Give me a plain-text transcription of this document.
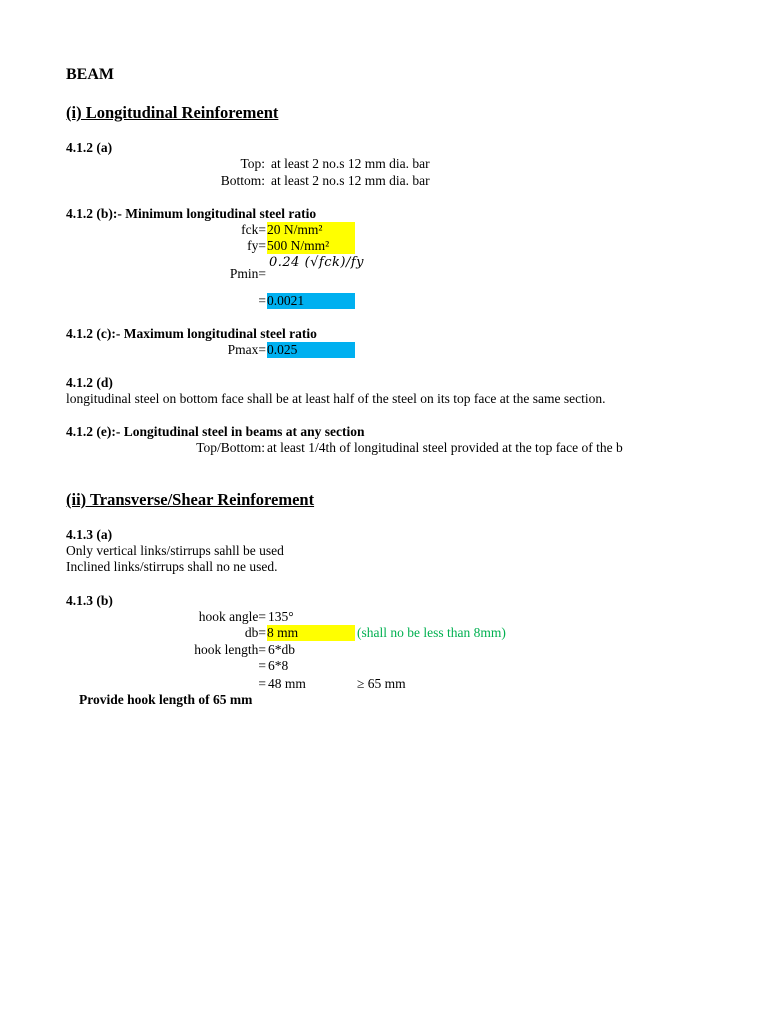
BEAM
(i) Longitudinal Reinforement
4.1.2 (a)
Top: at least 2 no.s 12 mm dia. bar
Bottom: at least 2 no.s 12 mm dia. bar
4.1.2 (b):- Minimum longitudinal steel ratio
fck= 20 N/mm²
fy= 500 N/mm²
0.24 (√fck)/fy
Pmin=
= 0.0021
4.1.2 (c):- Maximum longitudinal steel ratio
Pmax= 0.025
4.1.2 (d)
longitudinal steel on bottom face shall be at least half of the steel on its top face at the same section.
4.1.2 (e):- Longitudinal steel in beams at any section
Top/Bottom: at least 1/4th of longitudinal steel provided at the top face of the b
(ii) Transverse/Shear Reinforement
4.1.3 (a)
Only vertical links/stirrups sahll be used
Inclined links/stirrups shall no ne used.
4.1.3 (b)
hook angle= 135°
db= 8 mm	(shall no be less than 8mm)
hook length= 6*db
= 6*8
= 48 mm	≥ 65 mm
Provide hook length of 65 mm
